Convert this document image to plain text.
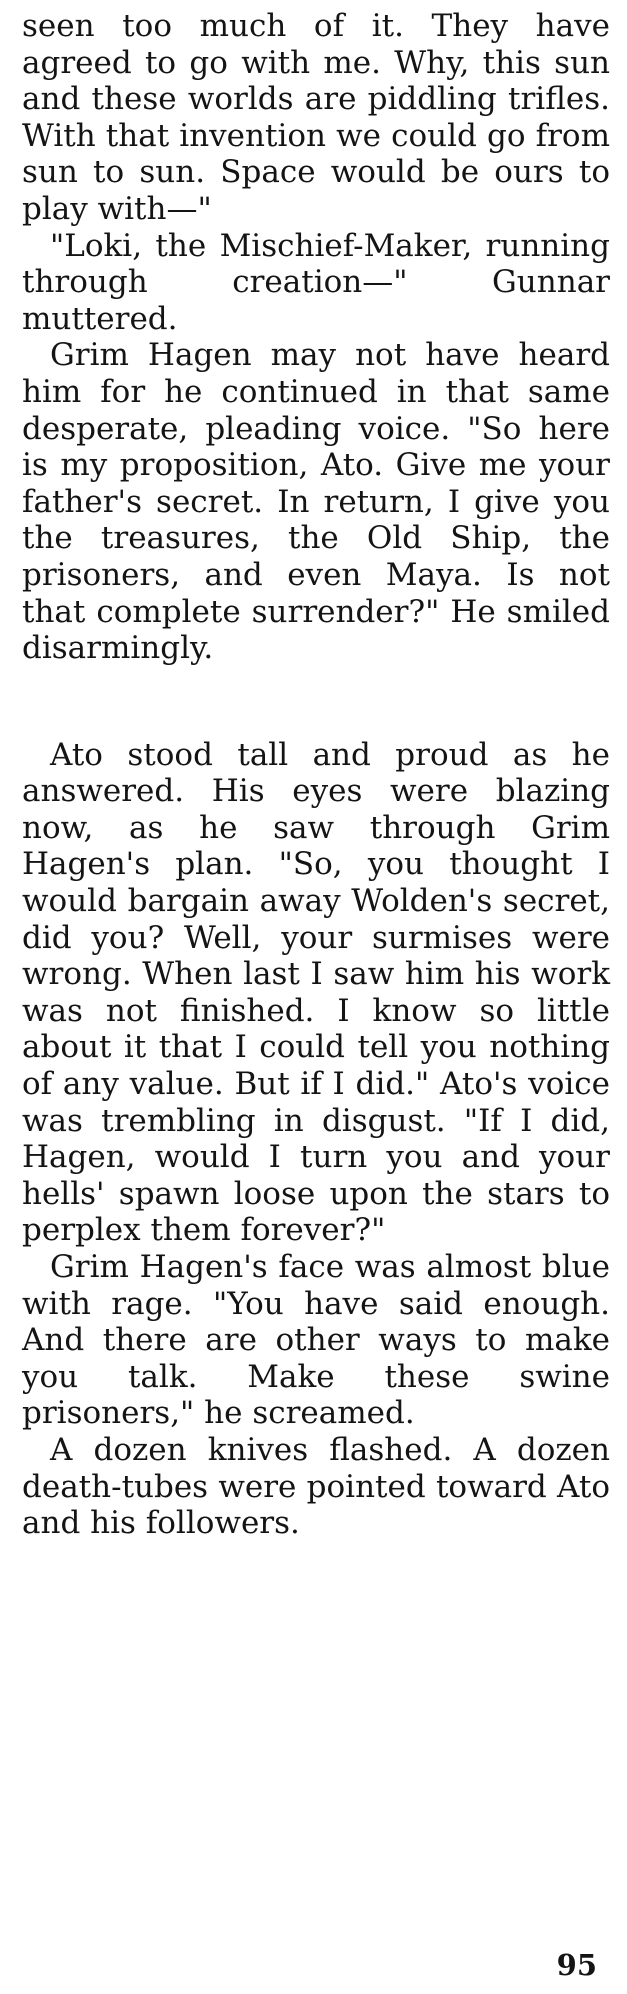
seen too much of it. They have agreed to go with me. Why, this sun and these worlds are piddling trifles. With that invention we could go from sun to sun. Space would be ours to play with—"

"Loki, the Mischief-Maker, running through creation—" Gunnar muttered.

Grim Hagen may not have heard him for he continued in that same desperate, pleading voice. "So here is my proposition, Ato. Give me your father's secret. In return, I give you the treasures, the Old Ship, the prisoners, and even Maya. Is not that complete surrender?" He smiled disarmingly.

Ato stood tall and proud as he answered. His eyes were blazing now, as he saw through Grim Hagen's plan. "So, you thought I would bargain away Wolden's secret, did you? Well, your surmises were wrong. When last I saw him his work was not finished. I know so little about it that I could tell you nothing of any value. But if I did." Ato's voice was trembling in disgust. "If I did, Hagen, would I turn you and your hells' spawn loose upon the stars to perplex them forever?"

Grim Hagen's face was almost blue with rage. "You have said enough. And there are other ways to make you talk. Make these swine prisoners," he screamed.

A dozen knives flashed. A dozen death-tubes were pointed toward Ato and his followers.

95
